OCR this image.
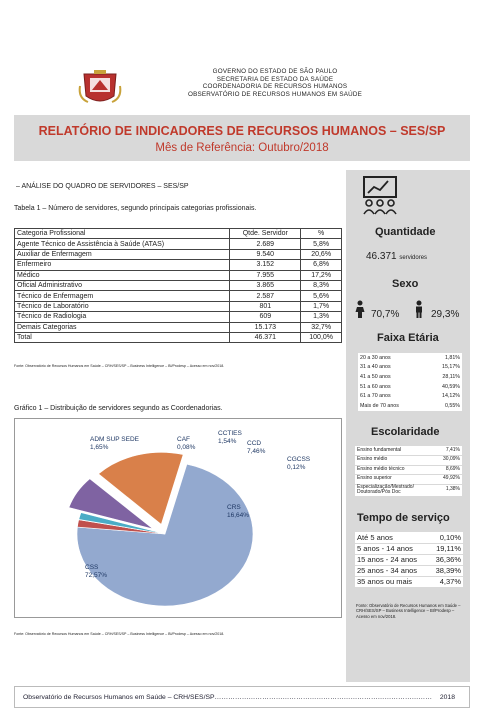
GOVERNO DO ESTADO DE SÃO PAULO
SECRETARIA DE ESTADO DA SAÚDE
COORDENADORIA DE RECURSOS HUMANOS
OBSERVATÓRIO DE RECURSOS HUMANOS EM SAÚDE
RELATÓRIO DE INDICADORES DE RECURSOS HUMANOS – SES/SP
Mês de Referência: Outubro/2018
– ANÁLISE DO QUADRO DE SERVIDORES – SES/SP
Tabela 1 – Número de servidores, segundo principais categorias profissionais.
Categoria Profissional	Qtde. Servidor	%
Agente Técnico de Assistência à Saúde (ATAS)	2.689	5,8%
Auxiliar de Enfermagem	9.540	20,6%
Enfermeiro	3.152	6,8%
Médico	7.955	17,2%
Oficial Administrativo	3.865	8,3%
Técnico de Enfermagem	2.587	5,6%
Técnico de Laboratório	801	1,7%
Técnico de Radiologia	609	1,3%
Demais Categorias	15.173	32,7%
Total	46.371	100,0%
Fonte: Observatório de Recursos Humanos em Saúde – CRH/SES/SP – Business Intelligence – BI/Prodesp – Acesso em nov/2018.
Gráfico 1 – Distribuição de servidores segundo as Coordenadorias.
CSS
72,57%
ADM SUP SEDE
1,65%
CAF
0,08%
CCTIES
1,54% CCD
7,46%
CGCSS
0,12%
CRS
16,64%
Fonte: Observatório de Recursos Humanos em Saúde – CRH/SES/SP – Business Intelligence – BI/Prodesp – Acesso em nov/2018.
Quantidade
46.371 servidores
Sexo
70,7%	29,3%
Faixa Etária
20 a 30 anos	1,81%
31 a 40 anos	15,17%
41 a 50 anos	28,11%
51 a 60 anos	40,59%
61 a 70 anos	14,12%
Mais de 70 anos	0,55%
Escolaridade
Ensino fundamental	7,41%
Ensino médio	30,09%
Ensino médio técnico	8,69%
Ensino superior	49,92%
Especialização/Mestrado/ Doutorado/Pós Doc	1,38%
Tempo de serviço
Até 5 anos	0,10%
5 anos - 14 anos	19,11%
15 anos - 24 anos	36,36%
25 anos - 34 anos	38,39%
35 anos ou mais	4,37%
Fonte: Observatório de Recursos Humanos em Saúde – CRH/SES/SP – Business Intelligence – BI/Prodesp – Acesso em nov/2018.
Observatório de Recursos Humanos em Saúde – CRH/SES/SP…………………………………………………………………………………… 2018
